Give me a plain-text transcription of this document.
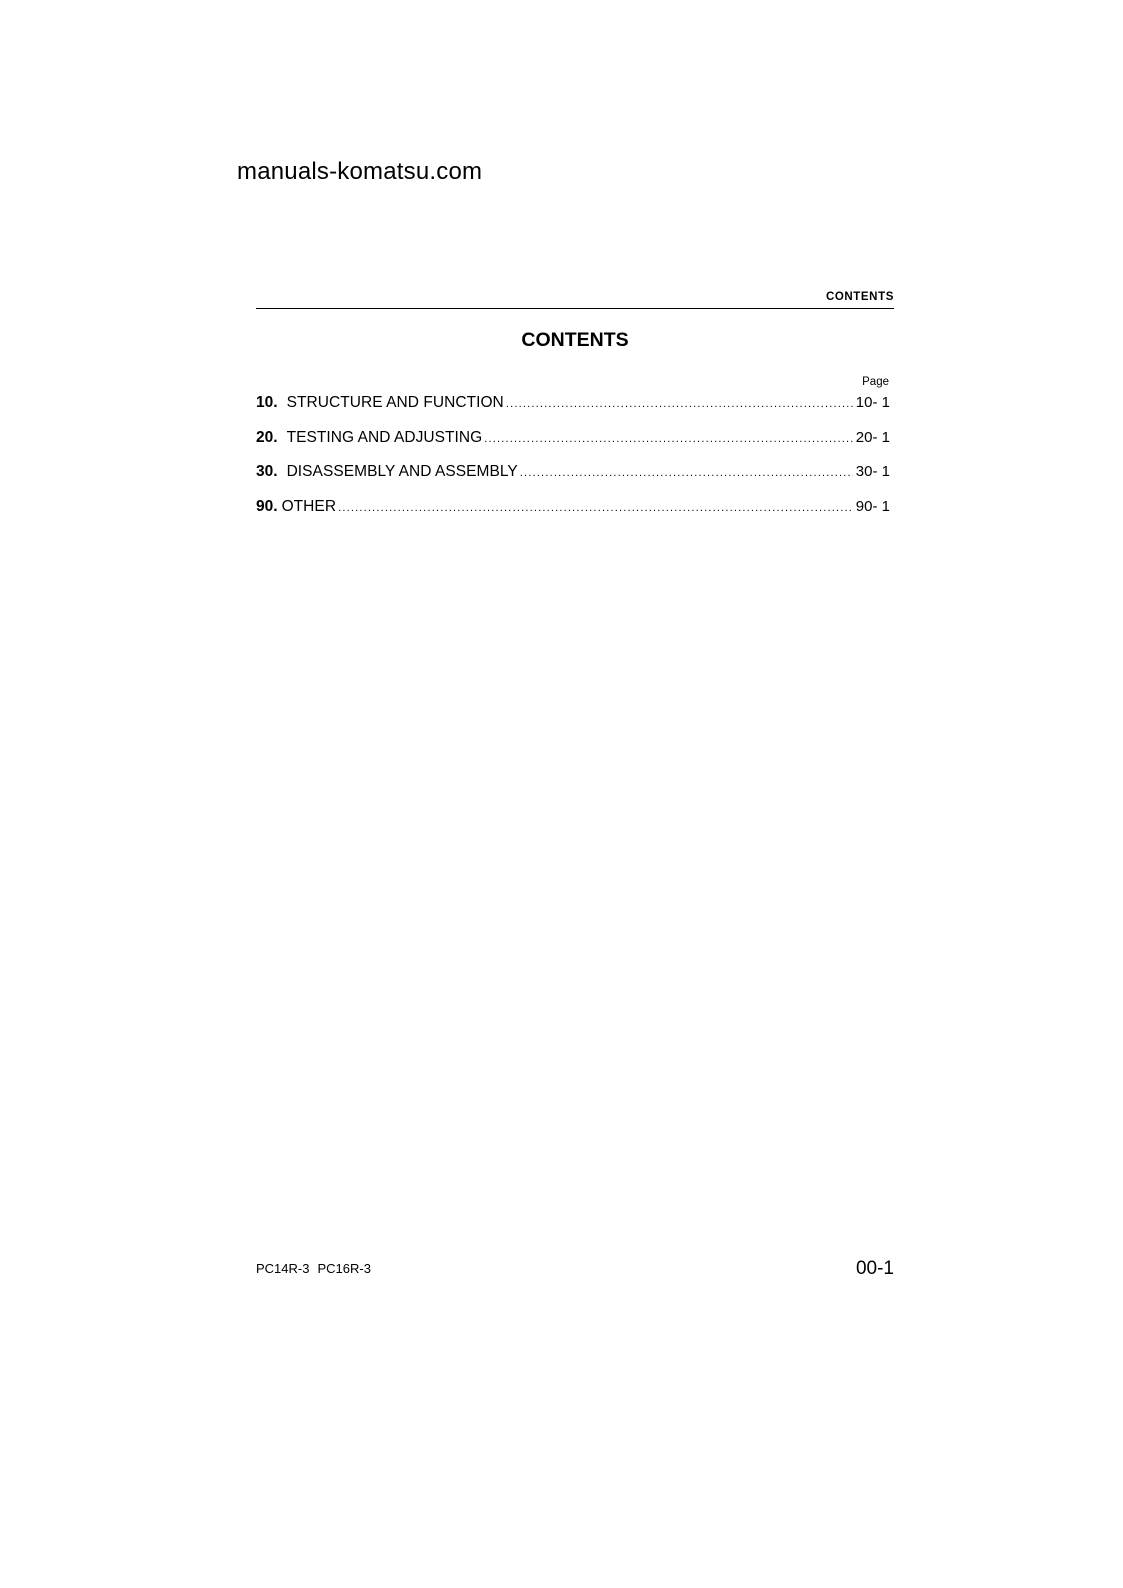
manuals-komatsu.com
CONTENTS
CONTENTS
Page
10. STRUCTURE AND FUNCTION .....	10- 1
20. TESTING AND ADJUSTING .....	20- 1
30. DISASSEMBLY AND ASSEMBLY .....	30- 1
90. OTHER .....	90- 1
PC14R-3 PC16R-3	00-1
